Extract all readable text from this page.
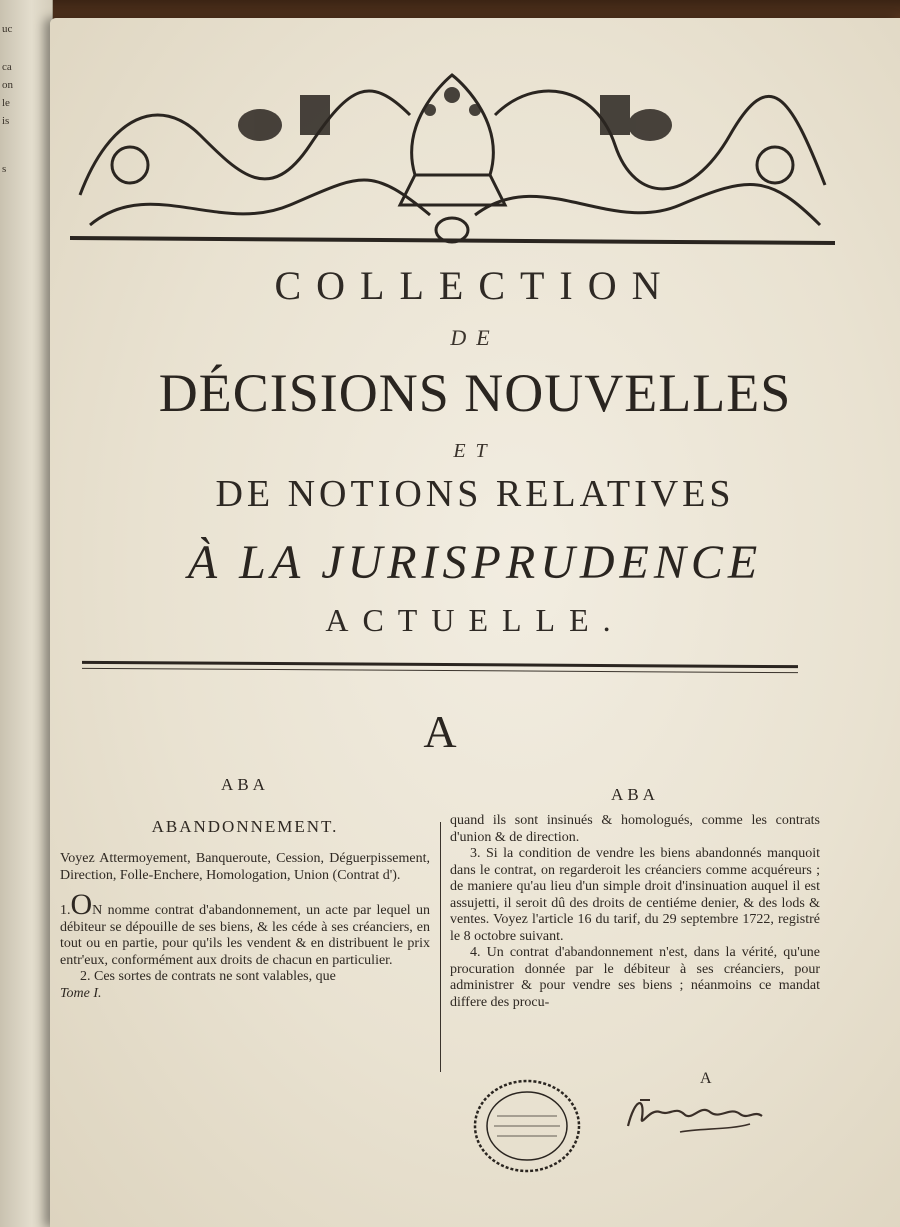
uc
ca
on
le
is
s
COLLECTION
DE
DÉCISIONS NOUVELLES
ET
DE NOTIONS RELATIVES
À LA JURISPRUDENCE
ACTUELLE.
A
ABA
ABANDONNEMENT.

Voyez Attermoyement, Banqueroute, Cession, Déguerpissement, Direction, Folle-Enchere, Homologation, Union (Contrat d').

1.ON nomme contrat d'abandonnement, un acte par lequel un débiteur se dépouille de ses biens, & les céde à ses créanciers, en tout ou en partie, pour qu'ils les vendent & en distribuent le prix entr'eux, conformément aux droits de chacun en particulier.

2. Ces sortes de contrats ne sont valables, que

Tome I.

ABA

quand ils sont insinués & homologués, comme les contrats d'union & de direction.

3. Si la condition de vendre les biens abandonnés manquoit dans le contrat, on regarderoit les créanciers comme acquéreurs ; de maniere qu'au lieu d'un simple droit d'insinuation auquel il est assujetti, il seroit dû des droits de centiéme denier, & des lods & ventes. Voyez l'article 16 du tarif, du 29 septembre 1722, registré le 8 octobre suivant.

4. Un contrat d'abandonnement n'est, dans la vérité, qu'une procuration donnée par le débiteur à ses créanciers, pour administrer & pour vendre ses biens ; néanmoins ce mandat differe des procu-

A
